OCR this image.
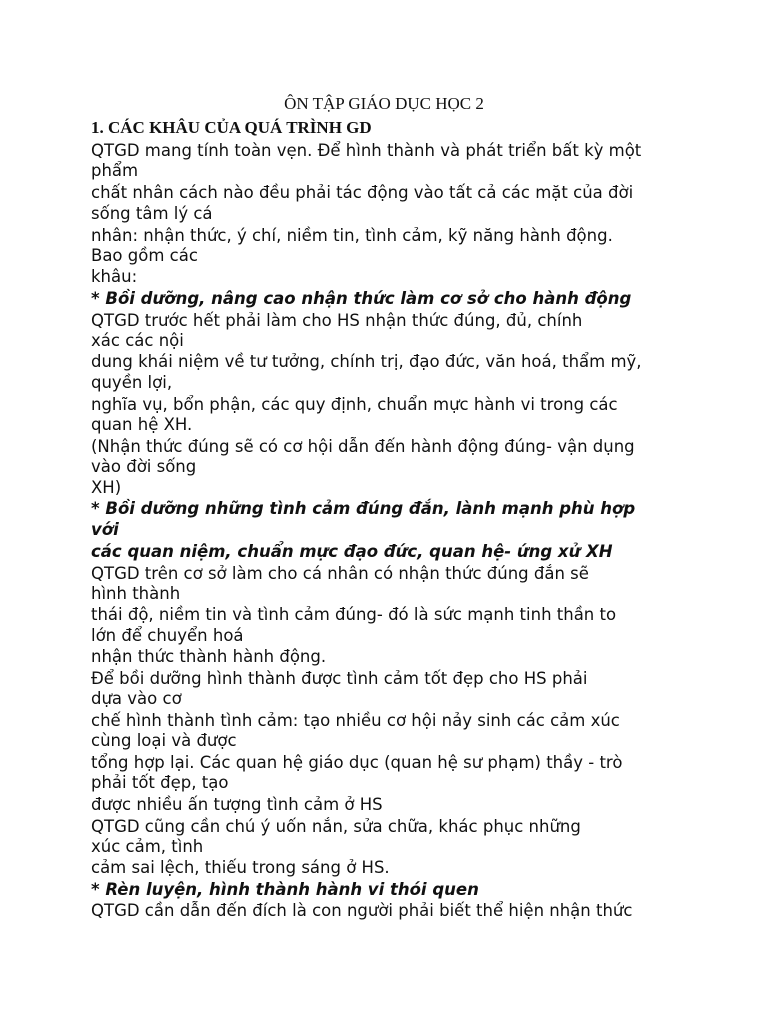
ÔN TẬP GIÁO DỤC HỌC 2
1. CÁC KHÂU CỦA QUÁ TRÌNH GD
QTGD mang tính toàn vẹn. Để hình thành và phát triển bất kỳ một
phẩm
chất nhân cách nào đều phải tác động vào tất cả các mặt của đời
sống tâm lý cá
nhân: nhận thức, ý chí, niềm tin, tình cảm, kỹ năng hành động.
Bao gồm các
khâu:
* Bồi dưỡng, nâng cao nhận thức làm cơ sở cho hành động
QTGD trước hết phải làm cho HS nhận thức đúng, đủ, chính
xác các nội
dung khái niệm về tư tưởng, chính trị, đạo đức, văn hoá, thẩm mỹ,
quyền lợi,
nghĩa vụ, bổn phận, các quy định, chuẩn mực hành vi trong các
quan hệ XH.
(Nhận thức đúng sẽ có cơ hội dẫn đến hành động đúng- vận dụng
vào đời sống
XH)
* Bồi dưỡng những tình cảm đúng đắn, lành mạnh phù hợp
với
các quan niệm, chuẩn mực đạo đức, quan hệ- ứng xử XH
QTGD trên cơ sở làm cho cá nhân có nhận thức đúng đắn sẽ
hình thành
thái độ, niềm tin và tình cảm đúng- đó là sức mạnh tinh thần to
lớn để chuyển hoá
nhận thức thành hành động.
Để bồi dưỡng hình thành được tình cảm tốt đẹp cho HS phải
dựa vào cơ
chế hình thành tình cảm: tạo nhiều cơ hội nảy sinh các cảm xúc
cùng loại và được
tổng hợp lại. Các quan hệ giáo dục (quan hệ sư phạm) thầy - trò
phải tốt đẹp, tạo
được nhiều ấn tượng tình cảm ở HS
QTGD cũng cần chú ý uốn nắn, sửa chữa, khác phục những
xúc cảm, tình
cảm sai lệch, thiếu trong sáng ở HS.
* Rèn luyện, hình thành hành vi thói quen
QTGD cần dẫn đến đích là con người phải biết thể hiện nhận thức
